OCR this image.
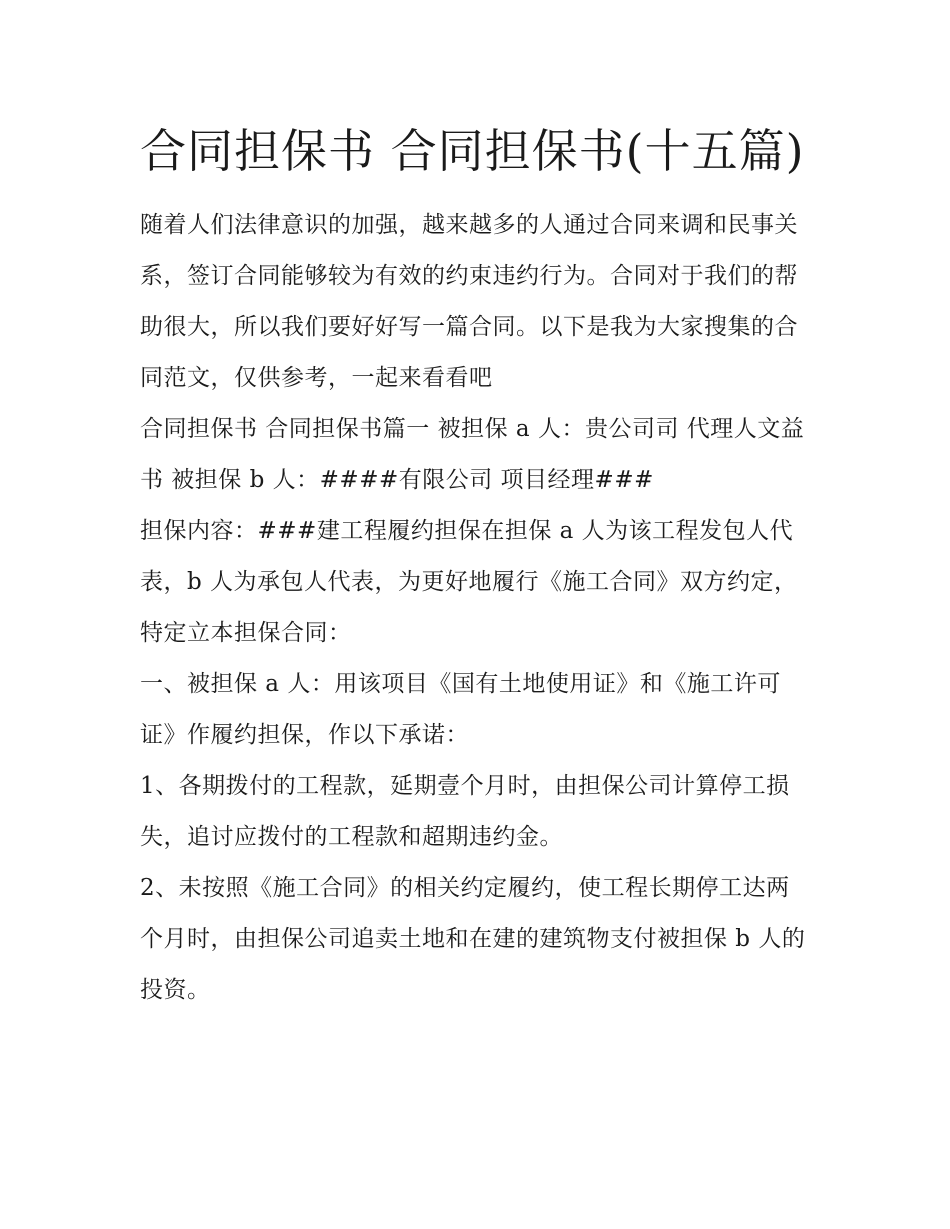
合同担保书 合同担保书(十五篇)

随着人们法律意识的加强，越来越多的人通过合同来调和民事关系，签订合同能够较为有效的约束违约行为。合同对于我们的帮助很大，所以我们要好好写一篇合同。以下是我为大家搜集的合同范文，仅供参考，一起来看看吧

合同担保书 合同担保书篇一 被担保 a 人：贵公司司 代理人文益书 被担保 b 人：####有限公司 项目经理###

担保内容：###建工程履约担保在担保 a 人为该工程发包人代表，b 人为承包人代表，为更好地履行《施工合同》双方约定，特定立本担保合同：

一、被担保 a 人：用该项目《国有土地使用证》和《施工许可证》作履约担保，作以下承诺：

1、各期拨付的工程款，延期壹个月时，由担保公司计算停工损失，追讨应拨付的工程款和超期违约金。

2、未按照《施工合同》的相关约定履约，使工程长期停工达两个月时，由担保公司追卖土地和在建的建筑物支付被担保 b 人的投资。
